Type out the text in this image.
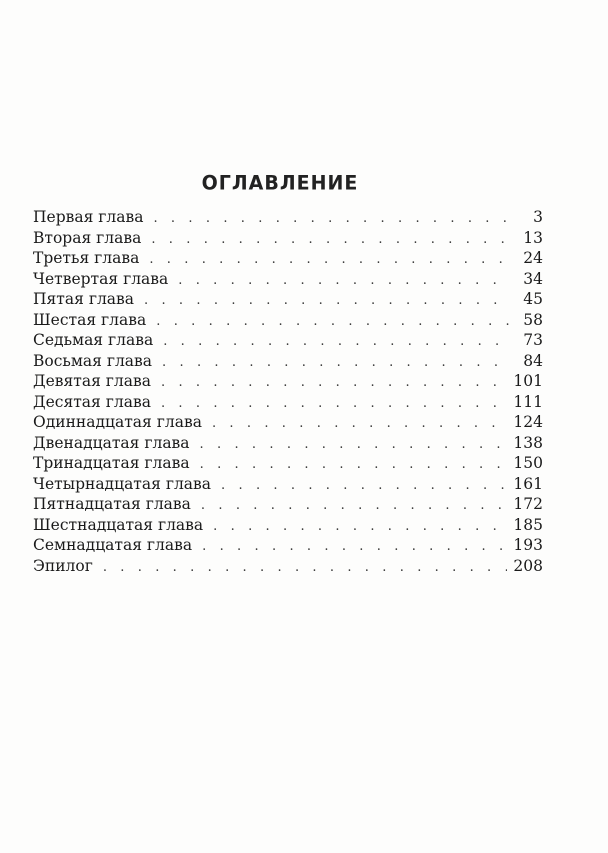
ОГЛАВЛЕНИЕ
Первая глава . . .	3
Вторая глава . . .	13
Третья глава . . .	24
Четвертая глава . . .	34
Пятая глава . . .	45
Шестая глава . . .	58
Седьмая глава . . .	73
Восьмая глава . . .	84
Девятая глава . . .	101
Десятая глава . . .	111
Одиннадцатая глава . . .	124
Двенадцатая глава . . .	138
Тринадцатая глава . . .	150
Четырнадцатая глава . . .	161
Пятнадцатая глава . . .	172
Шестнадцатая глава . . .	185
Семнадцатая глава . . .	193
Эпилог . . .	208
